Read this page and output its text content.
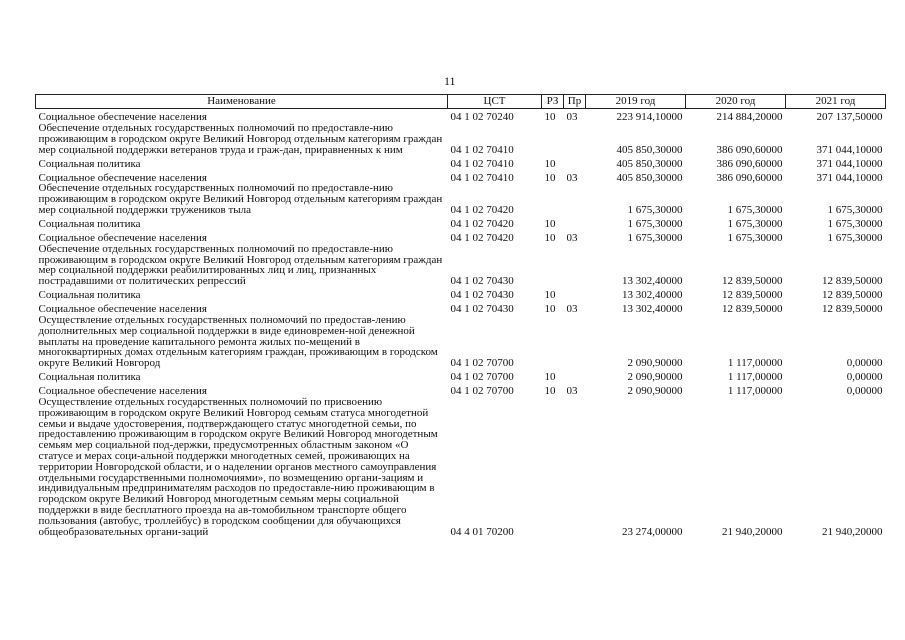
11
Наименование	ЦСТ	РЗ	Пр	2019 год	2020 год	2021 год
Социальное обеспечение населения	04 1 02 70240	10	03	223 914,10000	214 884,20000	207 137,50000
Обеспечение отдельных государственных полномочий по предоставле-нию проживающим в городском округе Великий Новгород отдельным категориям граждан мер социальной поддержки ветеранов труда и граж-дан, приравненных к ним	04 1 02 70410			405 850,30000	386 090,60000	371 044,10000
Социальная политика	04 1 02 70410	10		405 850,30000	386 090,60000	371 044,10000
Социальное обеспечение населения	04 1 02 70410	10	03	405 850,30000	386 090,60000	371 044,10000
Обеспечение отдельных государственных полномочий по предоставле-нию проживающим в городском округе Великий Новгород отдельным категориям граждан мер социальной поддержки тружеников тыла	04 1 02 70420			1 675,30000	1 675,30000	1 675,30000
Социальная политика	04 1 02 70420	10		1 675,30000	1 675,30000	1 675,30000
Социальное обеспечение населения	04 1 02 70420	10	03	1 675,30000	1 675,30000	1 675,30000
Обеспечение отдельных государственных полномочий по предоставле-нию проживающим в городском округе Великий Новгород отдельным категориям граждан мер социальной поддержки реабилитированных лиц и лиц, признанных пострадавшими от политических репрессий	04 1 02 70430			13 302,40000	12 839,50000	12 839,50000
Социальная политика	04 1 02 70430	10		13 302,40000	12 839,50000	12 839,50000
Социальное обеспечение населения	04 1 02 70430	10	03	13 302,40000	12 839,50000	12 839,50000
Осуществление отдельных государственных полномочий по предостав-лению дополнительных мер социальной поддержки в виде единовремен-ной денежной выплаты на проведение капитального ремонта жилых по-мещений в многоквартирных домах отдельным категориям граждан, проживающим в городском округе Великий Новгород	04 1 02 70700			2 090,90000	1 117,00000	0,00000
Социальная политика	04 1 02 70700	10		2 090,90000	1 117,00000	0,00000
Социальное обеспечение населения	04 1 02 70700	10	03	2 090,90000	1 117,00000	0,00000
Осуществление отдельных государственных полномочий по присвоению проживающим в городском округе Великий Новгород семьям статуса многодетной семьи и выдаче удостоверения, подтверждающего статус многодетной семьи, по предоставлению проживающим в городском округе Великий Новгород многодетным семьям мер социальной под-держки, предусмотренных областным законом «О статусе и мерах соци-альной поддержки многодетных семей, проживающих на территории Новгородской области, и о наделении органов местного самоуправления отдельными государственными полномочиями», по возмещению органи-зациям и индивидуальным предпринимателям расходов по предоставле-нию проживающим в городском округе Великий Новгород многодетным семьям меры социальной поддержки в виде бесплатного проезда на ав-томобильном транспорте общего пользования (автобус, троллейбус) в городском сообщении для обучающихся общеобразовательных органи-заций	04 4 01 70200			23 274,00000	21 940,20000	21 940,20000
